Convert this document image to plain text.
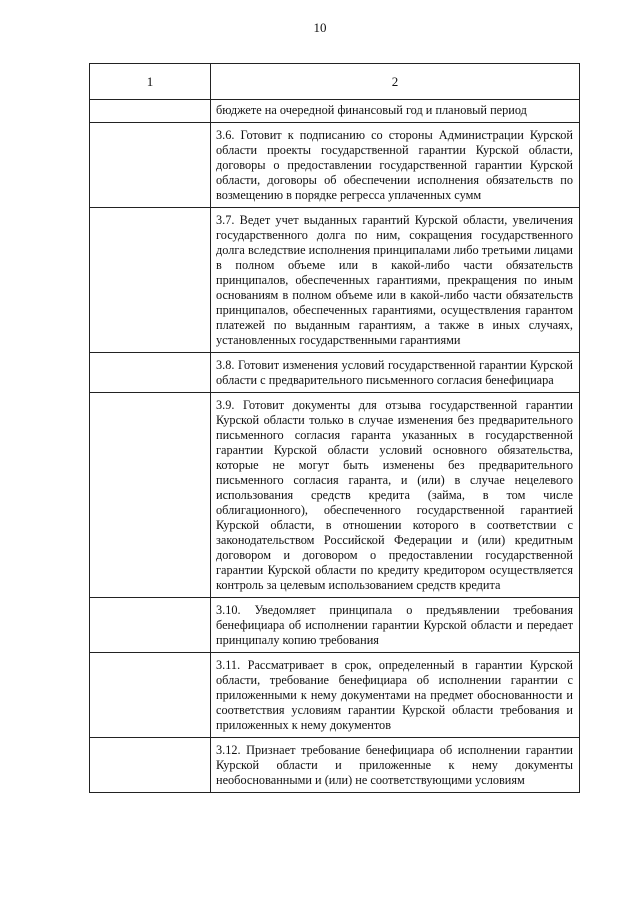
10
1	2
	бюджете на очередной финансовый год и плановый период
	3.6. Готовит к подписанию со стороны Администрации Курской области проекты государственной гарантии Курской области, договоры о предоставлении государственной гарантии Курской области, договоры об обеспечении исполнения обязательств по возмещению в порядке регресса уплаченных сумм
	3.7. Ведет учет выданных гарантий Курской области, увеличения государственного долга по ним, сокращения государственного долга вследствие исполнения принципалами либо третьими лицами в полном объеме или в какой-либо части обязательств принципалов, обеспеченных гарантиями, прекращения по иным основаниям в полном объеме или в какой-либо части обязательств принципалов, обеспеченных гарантиями, осуществления гарантом платежей по выданным гарантиям, а также в иных случаях, установленных государственными гарантиями
	3.8. Готовит изменения условий государственной гарантии Курской области с предварительного письменного согласия бенефициара
	3.9. Готовит документы для отзыва государственной гарантии Курской области только в случае изменения без предварительного письменного согласия гаранта указанных в государственной гарантии Курской области условий основного обязательства, которые не могут быть изменены без предварительного письменного согласия гаранта, и (или) в случае нецелевого использования средств кредита (займа, в том числе облигационного), обеспеченного государственной гарантией Курской области, в отношении которого в соответствии с законодательством Российской Федерации и (или) кредитным договором и договором о предоставлении государственной гарантии Курской области по кредиту кредитором осуществляется контроль за целевым использованием средств кредита
	3.10. Уведомляет принципала о предъявлении требования бенефициара об исполнении гарантии Курской области и передает принципалу копию требования
	3.11. Рассматривает в срок, определенный в гарантии Курской области, требование бенефициара об исполнении гарантии с приложенными к нему документами на предмет обоснованности и соответствия условиям гарантии Курской области требования и приложенных к нему документов
	3.12. Признает требование бенефициара об исполнении гарантии Курской области и приложенные к нему документы необоснованными и (или) не соответствующими условиям
